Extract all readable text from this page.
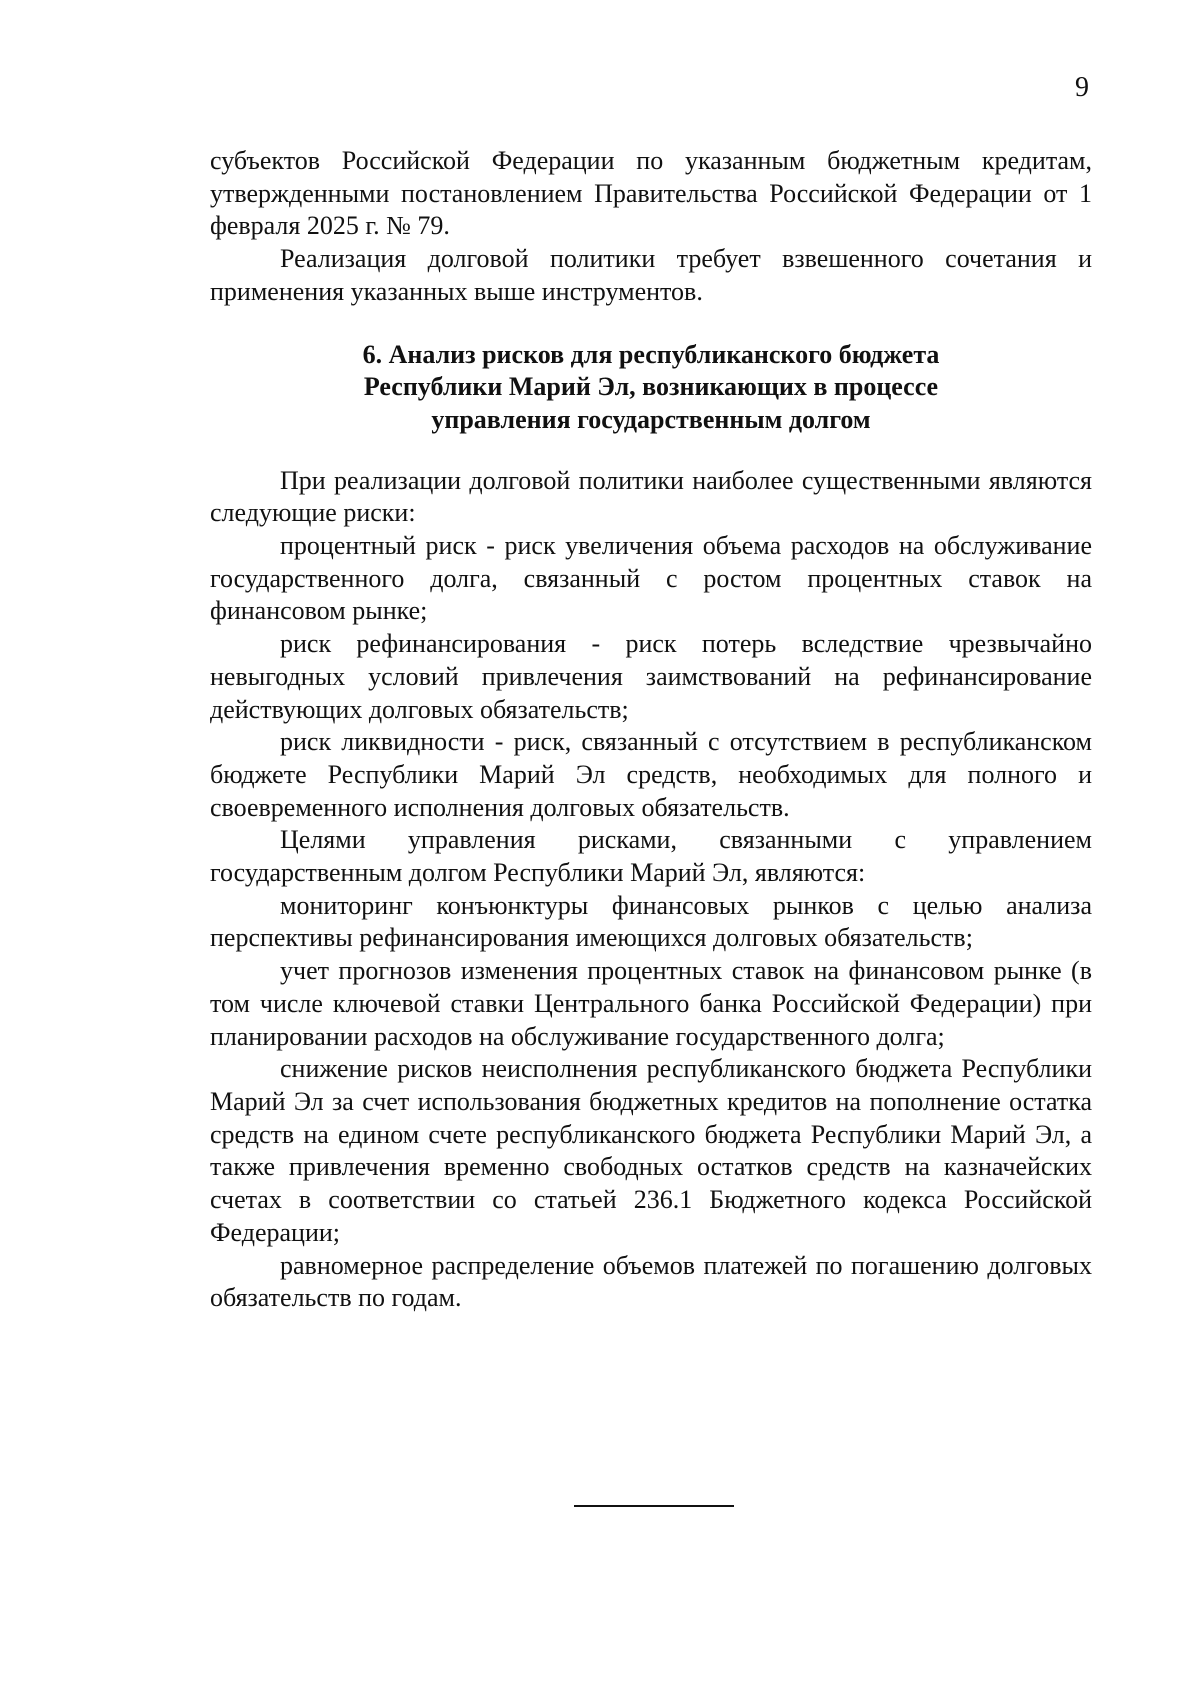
9

субъектов Российской Федерации по указанным бюджетным кредитам, утвержденными постановлением Правительства Российской Федерации от 1 февраля 2025 г. № 79.

Реализация долговой политики требует взвешенного сочетания и применения указанных выше инструментов.

6. Анализ рисков для республиканского бюджета
Республики Марий Эл, возникающих в процессе
управления государственным долгом

При реализации долговой политики наиболее существенными являются следующие риски:

процентный риск - риск увеличения объема расходов на обслуживание государственного долга, связанный с ростом процентных ставок на финансовом рынке;

риск рефинансирования - риск потерь вследствие чрезвычайно невыгодных условий привлечения заимствований на рефинансирование действующих долговых обязательств;

риск ликвидности - риск, связанный с отсутствием в республиканском бюджете Республики Марий Эл средств, необходимых для полного и своевременного исполнения долговых обязательств.

Целями управления рисками, связанными с управлением государственным долгом Республики Марий Эл, являются:

мониторинг конъюнктуры финансовых рынков с целью анализа перспективы рефинансирования имеющихся долговых обязательств;

учет прогнозов изменения процентных ставок на финансовом рынке (в том числе ключевой ставки Центрального банка Российской Федерации) при планировании расходов на обслуживание государственного долга;

снижение рисков неисполнения республиканского бюджета Республики Марий Эл за счет использования бюджетных кредитов на пополнение остатка средств на едином счете республиканского бюджета Республики Марий Эл, а также привлечения временно свободных остатков средств на казначейских счетах в соответствии со статьей 236.1 Бюджетного кодекса Российской Федерации;

равномерное распределение объемов платежей по погашению долговых обязательств по годам.
